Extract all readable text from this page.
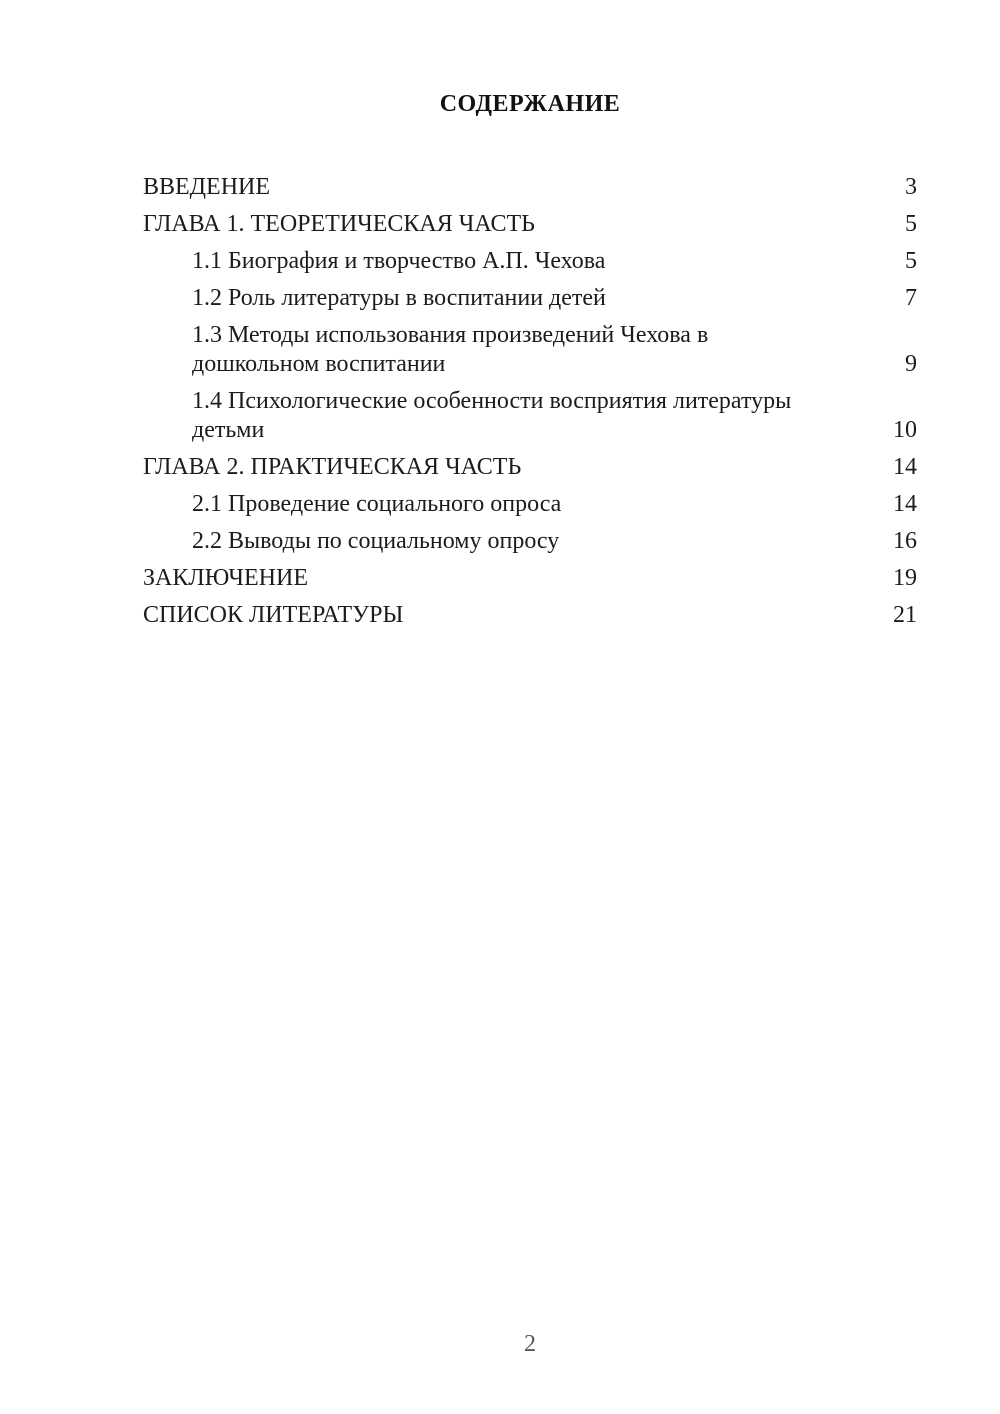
СОДЕРЖАНИЕ
ВВЕДЕНИЕ	3
ГЛАВА 1. ТЕОРЕТИЧЕСКАЯ ЧАСТЬ	5
1.1 Биография и творчество А.П. Чехова	5
1.2 Роль литературы в воспитании детей	7
1.3 Методы использования произведений Чехова в
дошкольном воспитании	9
1.4 Психологические особенности восприятия литературы
детьми	10
ГЛАВА 2. ПРАКТИЧЕСКАЯ ЧАСТЬ	14
2.1 Проведение социального опроса	14
2.2 Выводы по социальному опросу	16
ЗАКЛЮЧЕНИЕ	19
СПИСОК ЛИТЕРАТУРЫ	21
2
